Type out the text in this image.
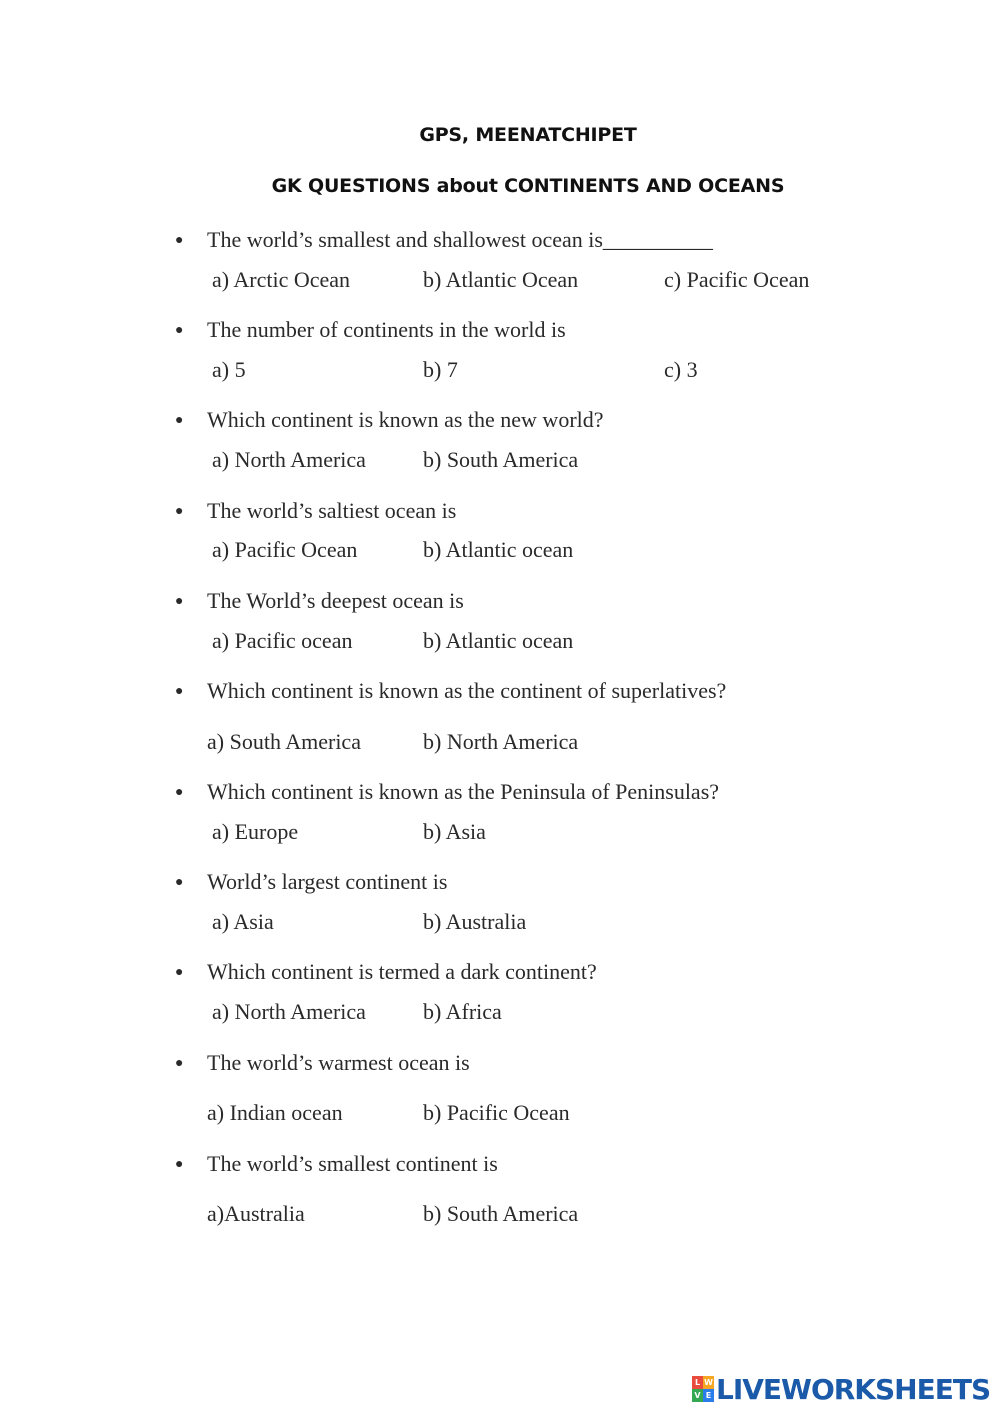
GPS, MEENATCHIPET
GK QUESTIONS about CONTINENTS AND OCEANS
● The world’s smallest and shallowest ocean is__________
a) Arctic Ocean	b) Atlantic Ocean	c) Pacific Ocean
● The number of continents in the world is
a) 5	b) 7	c) 3
● Which continent is known as the new world?
a) North America	b) South America
● The world’s saltiest ocean is
a) Pacific Ocean	b) Atlantic ocean
● The World’s deepest ocean is
a) Pacific ocean	b) Atlantic ocean
● Which continent is known as the continent of superlatives?
a) South America	b) North America
● Which continent is known as the Peninsula of Peninsulas?
a) Europe	b) Asia
● World’s largest continent is
a) Asia	b) Australia
● Which continent is termed a dark continent?
a) North America	b) Africa
● The world’s warmest ocean is
a) Indian ocean	b) Pacific Ocean
● The world’s smallest continent is
a)Australia	b) South America
L W
V E LIVEWORKSHEETS
